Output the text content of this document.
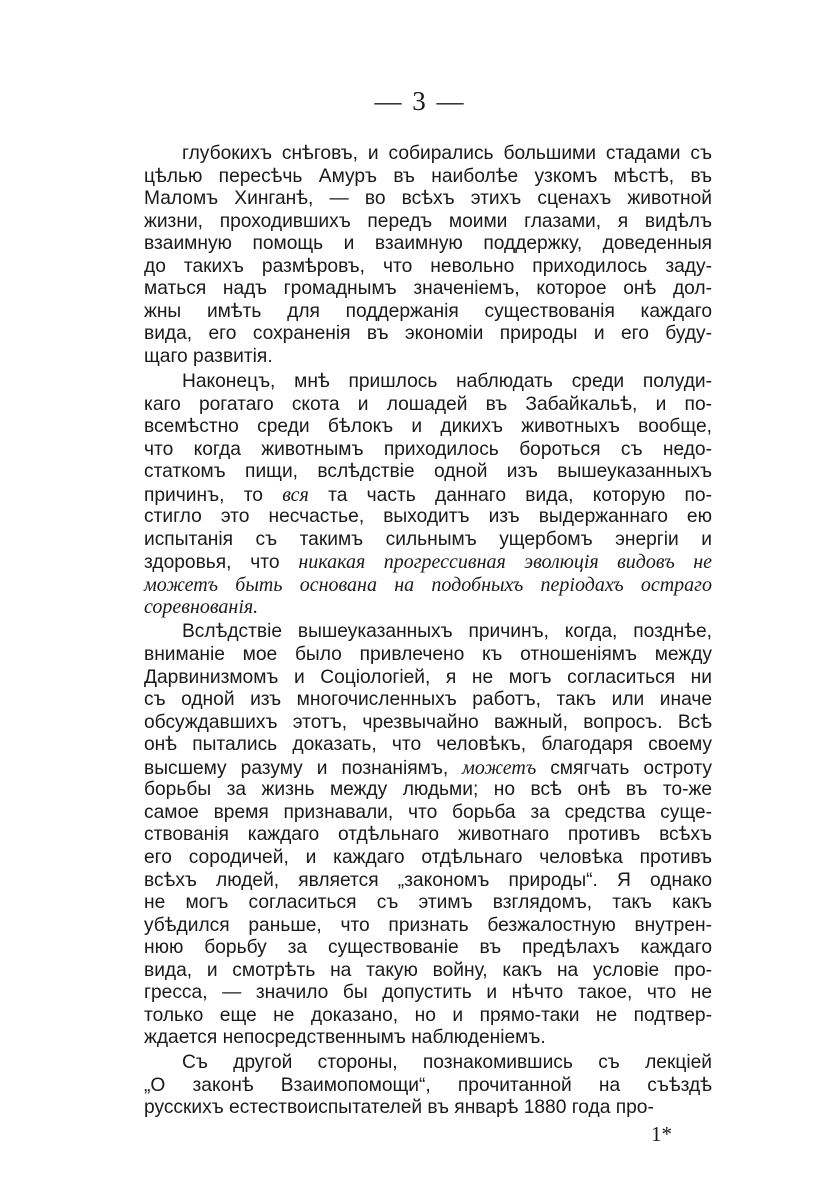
— 3 —
глубокихъ снѣговъ, и собирались большими стадами съ
цѣлью пересѣчь Амуръ въ наиболѣе узкомъ мѣстѣ, въ
Маломъ Хинганѣ, — во всѣхъ этихъ сценахъ животной
жизни, проходившихъ передъ моими глазами, я видѣлъ
взаимную помощь и взаимную поддержку, доведенныя
до такихъ размѣровъ, что невольно приходилось заду-
маться надъ громаднымъ значеніемъ, которое онѣ дол-
жны имѣть для поддержанія существованія каждаго
вида, его сохраненія въ экономіи природы и его буду-
щаго развитія.
Наконецъ, мнѣ пришлось наблюдать среди полуди-
каго рогатаго скота и лошадей въ Забайкальѣ, и по-
всемѣстно среди бѣлокъ и дикихъ животныхъ вообще,
что когда животнымъ приходилось бороться съ недо-
статкомъ пищи, вслѣдствіе одной изъ вышеуказанныхъ
причинъ, то вся та часть даннаго вида, которую по-
стигло это несчастье, выходитъ изъ выдержаннаго ею
испытанія съ такимъ сильнымъ ущербомъ энергіи и
здоровья, что никакая прогрессивная эволюція видовъ не
можетъ быть основана на подобныхъ періодахъ остраго
соревнованія.
Вслѣдствіе вышеуказанныхъ причинъ, когда, позднѣе,
вниманіе мое было привлечено къ отношеніямъ между
Дарвинизмомъ и Соціологіей, я не могъ согласиться ни
съ одной изъ многочисленныхъ работъ, такъ или иначе
обсуждавшихъ этотъ, чрезвычайно важный, вопросъ. Всѣ
онѣ пытались доказать, что человѣкъ, благодаря своему
высшему разуму и познаніямъ, можетъ смягчать остроту
борьбы за жизнь между людьми; но всѣ онѣ въ то-же
самое время признавали, что борьба за средства суще-
ствованія каждаго отдѣльнаго животнаго противъ всѣхъ
его сородичей, и каждаго отдѣльнаго человѣка противъ
всѣхъ людей, является „закономъ природы“. Я однако
не могъ согласиться съ этимъ взглядомъ, такъ какъ
убѣдился раньше, что признать безжалостную внутрен-
нюю борьбу за существованіе въ предѣлахъ каждаго
вида, и смотрѣть на такую войну, какъ на условіе про-
гресса, — значило бы допустить и нѣчто такое, что не
только еще не доказано, но и прямо-таки не подтвер-
ждается непосредственнымъ наблюденіемъ.
Съ другой стороны, познакомившись съ лекціей
„О законѣ Взаимопомощи“, прочитанной на съѣздѣ
русскихъ естествоиспытателей въ январѣ 1880 года про-
1*
